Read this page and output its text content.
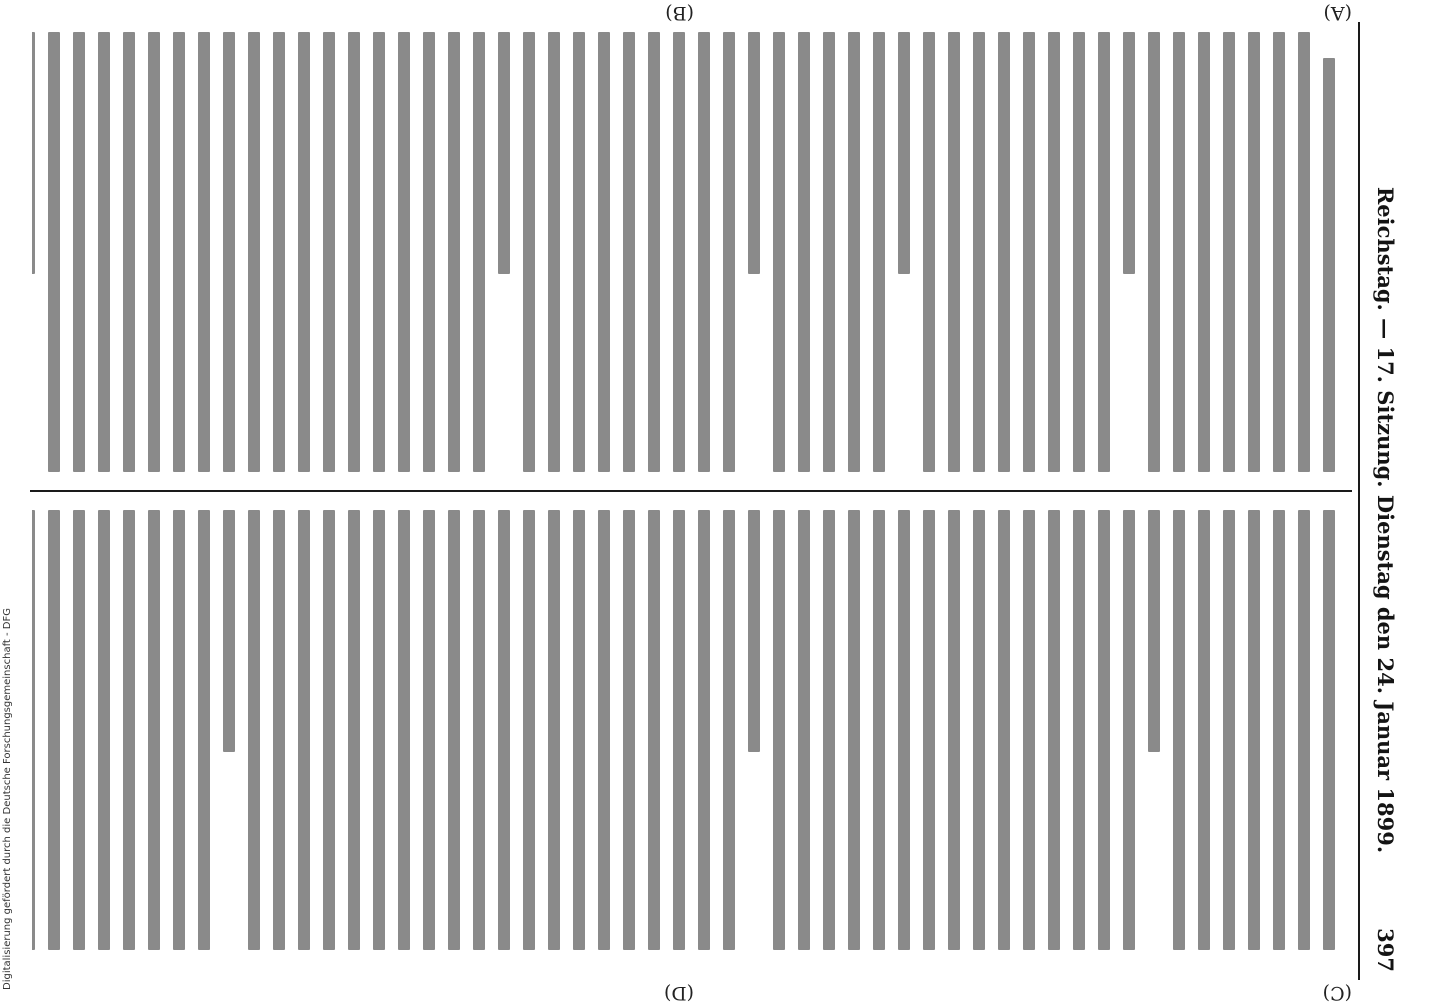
Reichstag. — 17. Sitzung. Dienstag den 24. Januar 1899.
397
(A)
(B)
(C)
(D)
Digitalisierung gefördert durch die Deutsche Forschungsgemeinschaft - DFG
